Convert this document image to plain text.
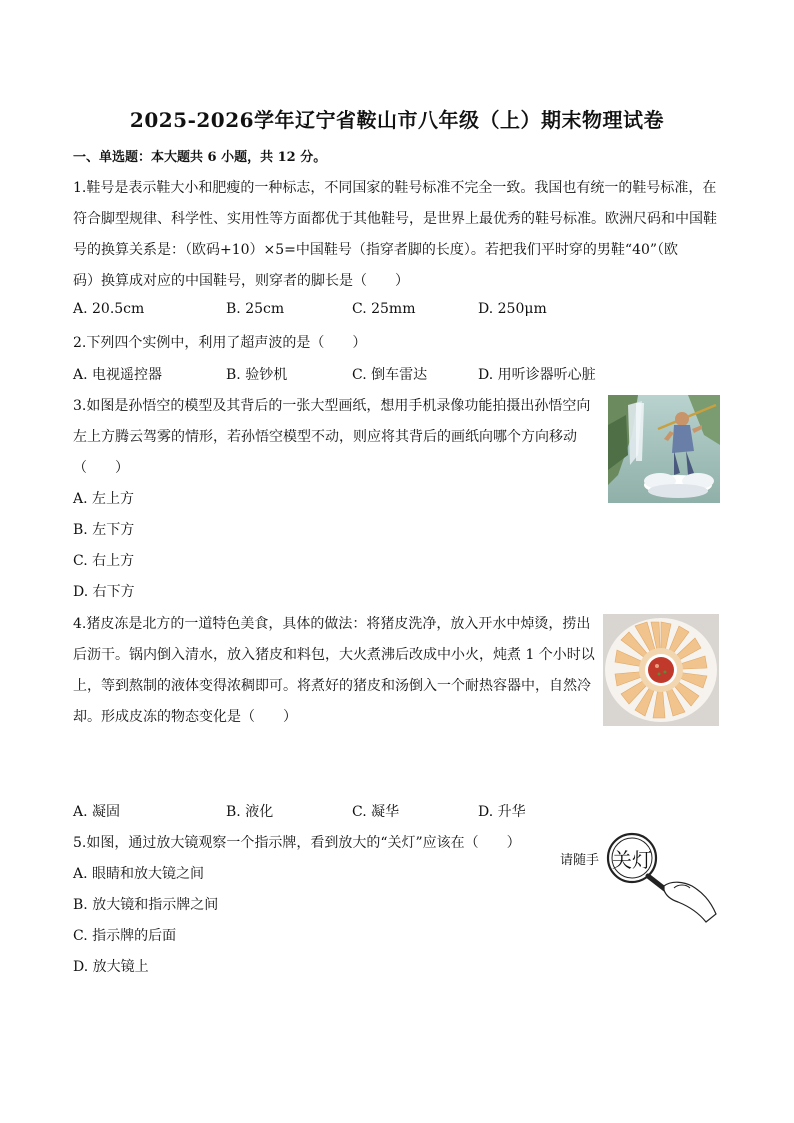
2025-2026学年辽宁省鞍山市八年级（上）期末物理试卷
一、单选题：本大题共 6 小题，共 12 分。
1.鞋号是表示鞋大小和肥瘦的一种标志，不同国家的鞋号标准不完全一致。我国也有统一的鞋号标准，在
符合脚型规律、科学性、实用性等方面都优于其他鞋号，是世界上最优秀的鞋号标准。欧洲尺码和中国鞋
号的换算关系是：（欧码+10）×5=中国鞋号（指穿者脚的长度）。若把我们平时穿的男鞋“40”（欧
码）换算成对应的中国鞋号，则穿者的脚长是（　　）
A. 20.5cm	B. 25cm	C. 25mm	D. 250μm
2.下列四个实例中，利用了超声波的是（　　）
A. 电视遥控器	B. 验钞机	C. 倒车雷达	D. 用听诊器听心脏
3.如图是孙悟空的模型及其背后的一张大型画纸，想用手机录像功能拍摄出孙悟空向
左上方腾云驾雾的情形，若孙悟空模型不动，则应将其背后的画纸向哪个方向移动
（　　）
A. 左上方
B. 左下方
C. 右上方
D. 右下方
4.猪皮冻是北方的一道特色美食，具体的做法：将猪皮洗净，放入开水中焯烫，捞出
后沥干。锅内倒入清水，放入猪皮和料包，大火煮沸后改成中小火，炖煮 1 个小时以
上，等到熬制的液体变得浓稠即可。将煮好的猪皮和汤倒入一个耐热容器中，自然冷
却。形成皮冻的物态变化是（　　）
A. 凝固	B. 液化	C. 凝华	D. 升华
5.如图，通过放大镜观察一个指示牌，看到放大的“关灯”应该在（　　）
A. 眼睛和放大镜之间
B. 放大镜和指示牌之间
C. 指示牌的后面
D. 放大镜上
请随手 关灯
